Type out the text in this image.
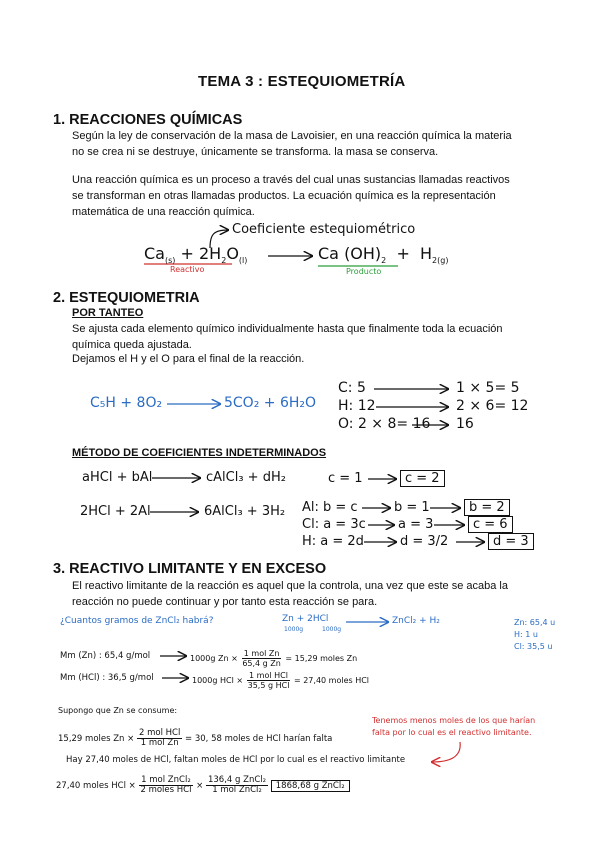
TEMA 3 : ESTEQUIOMETRÍA
1. REACCIONES QUÍMICAS
Según la ley de conservación de la masa de Lavoisier, en una reacción química la materia
no se crea ni se destruye, únicamente se transforma. la masa se conserva.
Una reacción química es un proceso a través del cual unas sustancias llamadas reactivos
se transforman en otras llamadas productos. La ecuación química es la representación
matemática de una reacción química.
Coeficiente estequiométrico
$Ca_{(s)} + 2H_2O_{(l)}$	Ca $(OH)_2 + H_{2(g)}$
Reactivo	Producto
2. ESTEQUIOMETRIA
POR TANTEO
Se ajusta cada elemento químico individualmente hasta que finalmente toda la ecuación
química queda ajustada.
Dejamos el H y el O para el final de la reacción.
C₅H + 8O₂	5CO₂ + 6H₂O
C: 5	1 × 5= 5
H: 12	2 × 6= 12
O: 2 × 8= 16 16
MÉTODO DE COEFICIENTES INDETERMINADOS
aHCl + bAl	cAlCl₃ + dH₂
2HCl + 2Al	6AlCl₃ + 3H₂
c = 1	c = 2
Al: b = c	b = 1	b = 2
Cl: a = 3c a = 3	c = 6
H: a = 2d	d = 3/2	d = 3
3. REACTIVO LIMITANTE Y EN EXCESO
El reactivo limitante de la reacción es aquel que la controla, una vez que este se acaba la
reacción no puede continuar y por tanto esta reacción se para.
¿Cuantos gramos de ZnCl₂ habrá?	Zn + 2HCl
1000g	1000g
ZnCl₂ + H₂	Zn: 65,4 u
H: 1 u
Cl: 35,5 u
Mm (Zn) : 65,4 g/mol	1000g $Zn \times \frac{\text{1 mol Zn}}{\text{65,4 g Zn}} = 15,29$ moles Zn
Mm (HCl) : 36,5 g/mol	1000g HCl × $\frac{\text{1 mol HCl}}{\text{35,5 g HCl}} = 27,40$ moles HCl
Supongo que Zn se consume:
Tenemos menos moles de los que harían
falta por lo cual es el reactivo limitante.
15,29 moles $Zn \times \frac{\text{2 mol HCl}}{\text{1 mol Zn}} = 30$, 58 moles de HCl harían falta
Hay 27,40 moles de HCl, faltan moles de HCl por lo cual es el reactivo limitante
27,40 moles HCl × $\frac{\text{1 mol ZnCl₂}}{\text{2 moles HCl}} \times \frac{\text{136,4 g ZnCl₂}}{\text{1 mol ZnCl₂}} 1868,68$ g ZnCl₂
